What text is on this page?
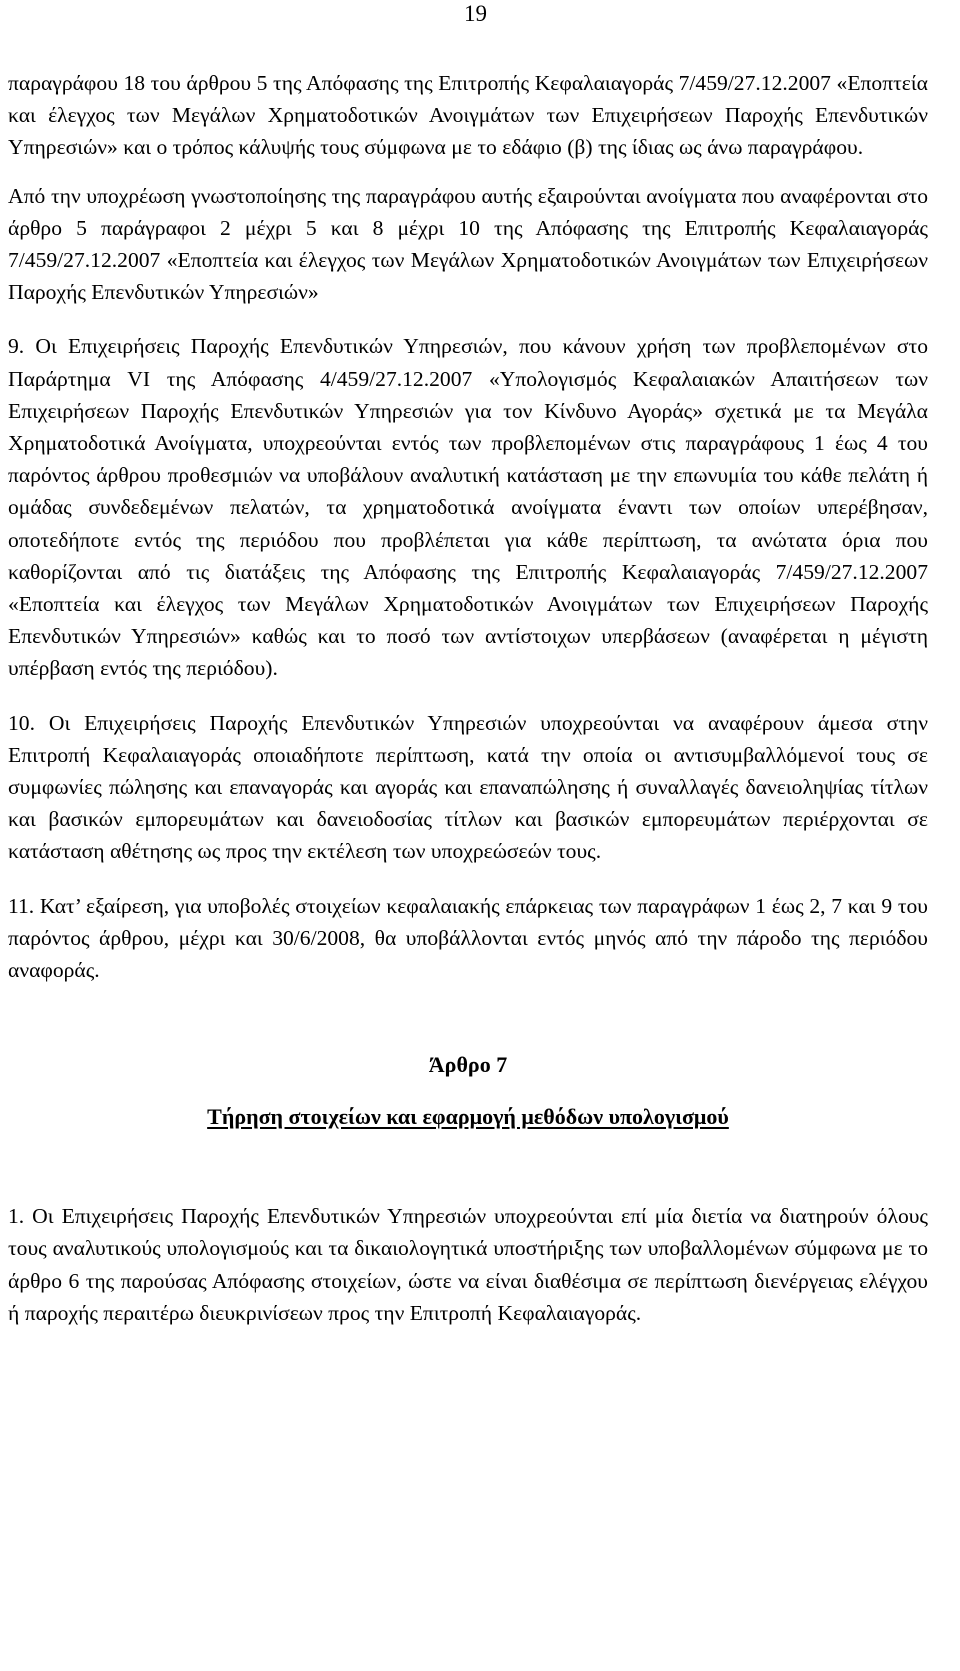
19

παραγράφου 18 του άρθρου 5 της Απόφασης της Επιτροπής Κεφαλαιαγοράς 7/459/27.12.2007 «Εποπτεία και έλεγχος των Μεγάλων Χρηματοδοτικών Ανοιγμάτων των Επιχειρήσεων Παροχής Επενδυτικών Υπηρεσιών» και ο τρόπος κάλυψής τους σύμφωνα με το εδάφιο (β) της ίδιας ως άνω παραγράφου.

Από την υποχρέωση γνωστοποίησης της παραγράφου αυτής εξαιρούνται ανοίγματα που αναφέρονται στο άρθρο 5 παράγραφοι 2 μέχρι 5 και 8 μέχρι 10 της Απόφασης της Επιτροπής Κεφαλαιαγοράς 7/459/27.12.2007 «Εποπτεία και έλεγχος των Μεγάλων Χρηματοδοτικών Ανοιγμάτων των Επιχειρήσεων Παροχής Επενδυτικών Υπηρεσιών»

9. Οι Επιχειρήσεις Παροχής Επενδυτικών Υπηρεσιών, που κάνουν χρήση των προβλεπομένων στο Παράρτημα VI της Απόφασης 4/459/27.12.2007 «Υπολογισμός Κεφαλαιακών Απαιτήσεων των Επιχειρήσεων Παροχής Επενδυτικών Υπηρεσιών για τον Κίνδυνο Αγοράς» σχετικά με τα Μεγάλα Χρηματοδοτικά Ανοίγματα, υποχρεούνται εντός των προβλεπομένων στις παραγράφους 1 έως 4 του παρόντος άρθρου προθεσμιών να υποβάλουν αναλυτική κατάσταση με την επωνυμία του κάθε πελάτη ή ομάδας συνδεδεμένων πελατών, τα χρηματοδοτικά ανοίγματα έναντι των οποίων υπερέβησαν, οποτεδήποτε εντός της περιόδου που προβλέπεται για κάθε περίπτωση, τα ανώτατα όρια που καθορίζονται από τις διατάξεις της Απόφασης της Επιτροπής Κεφαλαιαγοράς 7/459/27.12.2007 «Εποπτεία και έλεγχος των Μεγάλων Χρηματοδοτικών Ανοιγμάτων των Επιχειρήσεων Παροχής Επενδυτικών Υπηρεσιών» καθώς και το ποσό των αντίστοιχων υπερβάσεων (αναφέρεται η μέγιστη υπέρβαση εντός της περιόδου).

10. Οι Επιχειρήσεις Παροχής Επενδυτικών Υπηρεσιών υποχρεούνται να αναφέρουν άμεσα στην Επιτροπή Κεφαλαιαγοράς οποιαδήποτε περίπτωση, κατά την οποία οι αντισυμβαλλόμενοί τους σε συμφωνίες πώλησης και επαναγοράς και αγοράς και επαναπώλησης ή συναλλαγές δανειοληψίας τίτλων και βασικών εμπορευμάτων και δανειοδοσίας τίτλων και βασικών εμπορευμάτων περιέρχονται σε κατάσταση αθέτησης ως προς την εκτέλεση των υποχρεώσεών τους.

11. Κατ’ εξαίρεση, για υποβολές στοιχείων κεφαλαιακής επάρκειας των παραγράφων 1 έως 2, 7 και 9 του παρόντος άρθρου, μέχρι και 30/6/2008, θα υποβάλλονται εντός μηνός από την πάροδο της περιόδου αναφοράς.

Άρθρο 7

Τήρηση στοιχείων και εφαρμογή μεθόδων υπολογισμού

1. Οι Επιχειρήσεις Παροχής Επενδυτικών Υπηρεσιών υποχρεούνται επί μία διετία να διατηρούν όλους τους αναλυτικούς υπολογισμούς και τα δικαιολογητικά υποστήριξης των υποβαλλομένων σύμφωνα με το άρθρο 6 της παρούσας Απόφασης στοιχείων, ώστε να είναι διαθέσιμα σε περίπτωση διενέργειας ελέγχου ή παροχής περαιτέρω διευκρινίσεων προς την Επιτροπή Κεφαλαιαγοράς.
